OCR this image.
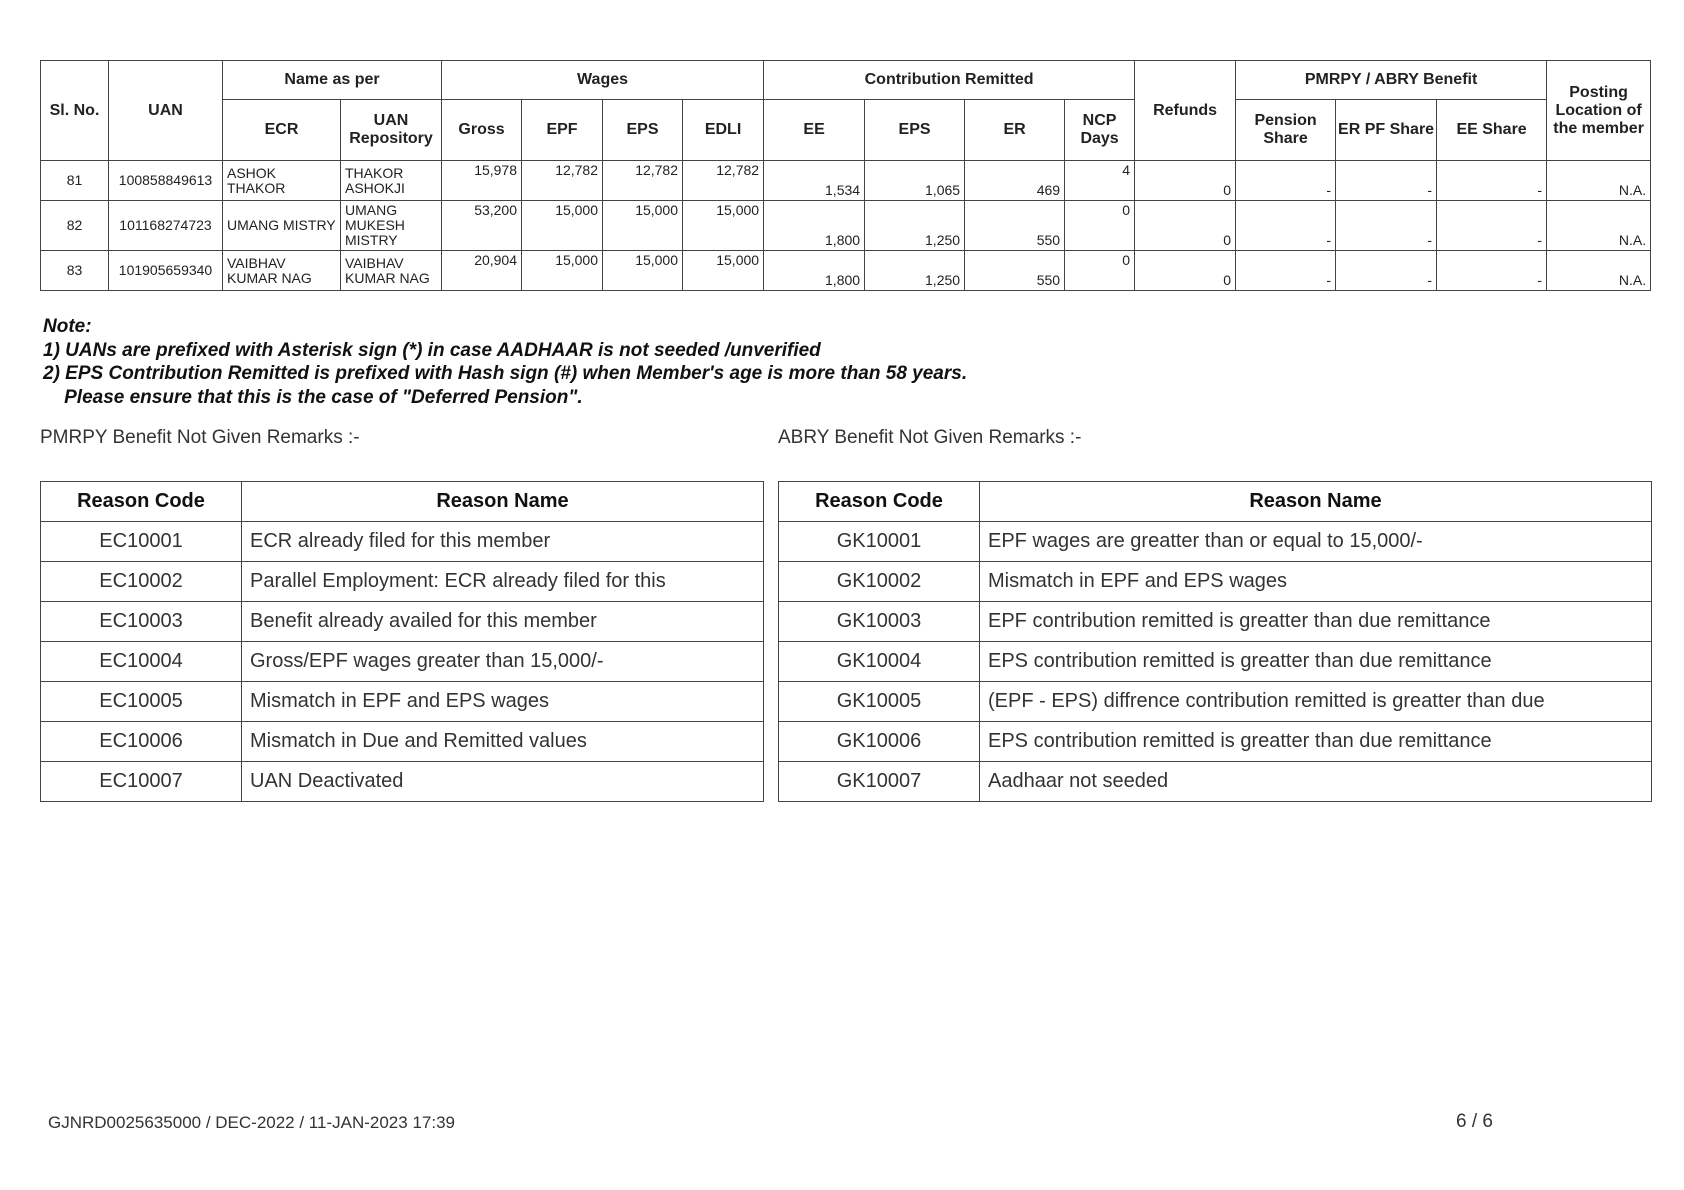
Sl. No.	UAN	Name as per		Wages				Contribution Remitted				Refunds	PMRPY / ABRY Benefit			Posting Location of the member
		ECR	UAN Repository	Gross	EPF	EPS	EDLI	EE	EPS	ER	NCP Days		Pension Share	ER PF Share	EE Share	
81	100858849613	ASHOK THAKOR	THAKOR ASHOKJI	15,978	12,782	12,782	12,782	1,534	1,065	469	4	0	-	-	-	N.A.
82	101168274723	UMANG MISTRY	UMANG MUKESH MISTRY	53,200	15,000	15,000	15,000	1,800	1,250	550	0	0	-	-	-	N.A.
83	101905659340	VAIBHAV KUMAR NAG	VAIBHAV KUMAR NAG	20,904	15,000	15,000	15,000	1,800	1,250	550	0	0	-	-	-	N.A.
Note:
1) UANs are prefixed with Asterisk sign (*) in case AADHAAR is not seeded /unverified
2) EPS Contribution Remitted is prefixed with Hash sign (#) when Member's age is more than 58 years.
Please ensure that this is the case of "Deferred Pension".
PMRPY Benefit Not Given Remarks :-	ABRY Benefit Not Given Remarks :-
Reason Code	Reason Name
EC10001	ECR already filed for this member
EC10002	Parallel Employment: ECR already filed for this
EC10003	Benefit already availed for this member
EC10004	Gross/EPF wages greater than 15,000/-
EC10005	Mismatch in EPF and EPS wages
EC10006	Mismatch in Due and Remitted values
EC10007	UAN Deactivated
Reason Code	Reason Name
GK10001	EPF wages are greatter than or equal to 15,000/-
GK10002	Mismatch in EPF and EPS wages
GK10003	EPF contribution remitted is greatter than due remittance
GK10004	EPS contribution remitted is greatter than due remittance
GK10005	(EPF - EPS) diffrence contribution remitted is greatter than due
GK10006	EPS contribution remitted is greatter than due remittance
GK10007	Aadhaar not seeded
GJNRD0025635000 / DEC-2022 / 11-JAN-2023 17:39	6 / 6
